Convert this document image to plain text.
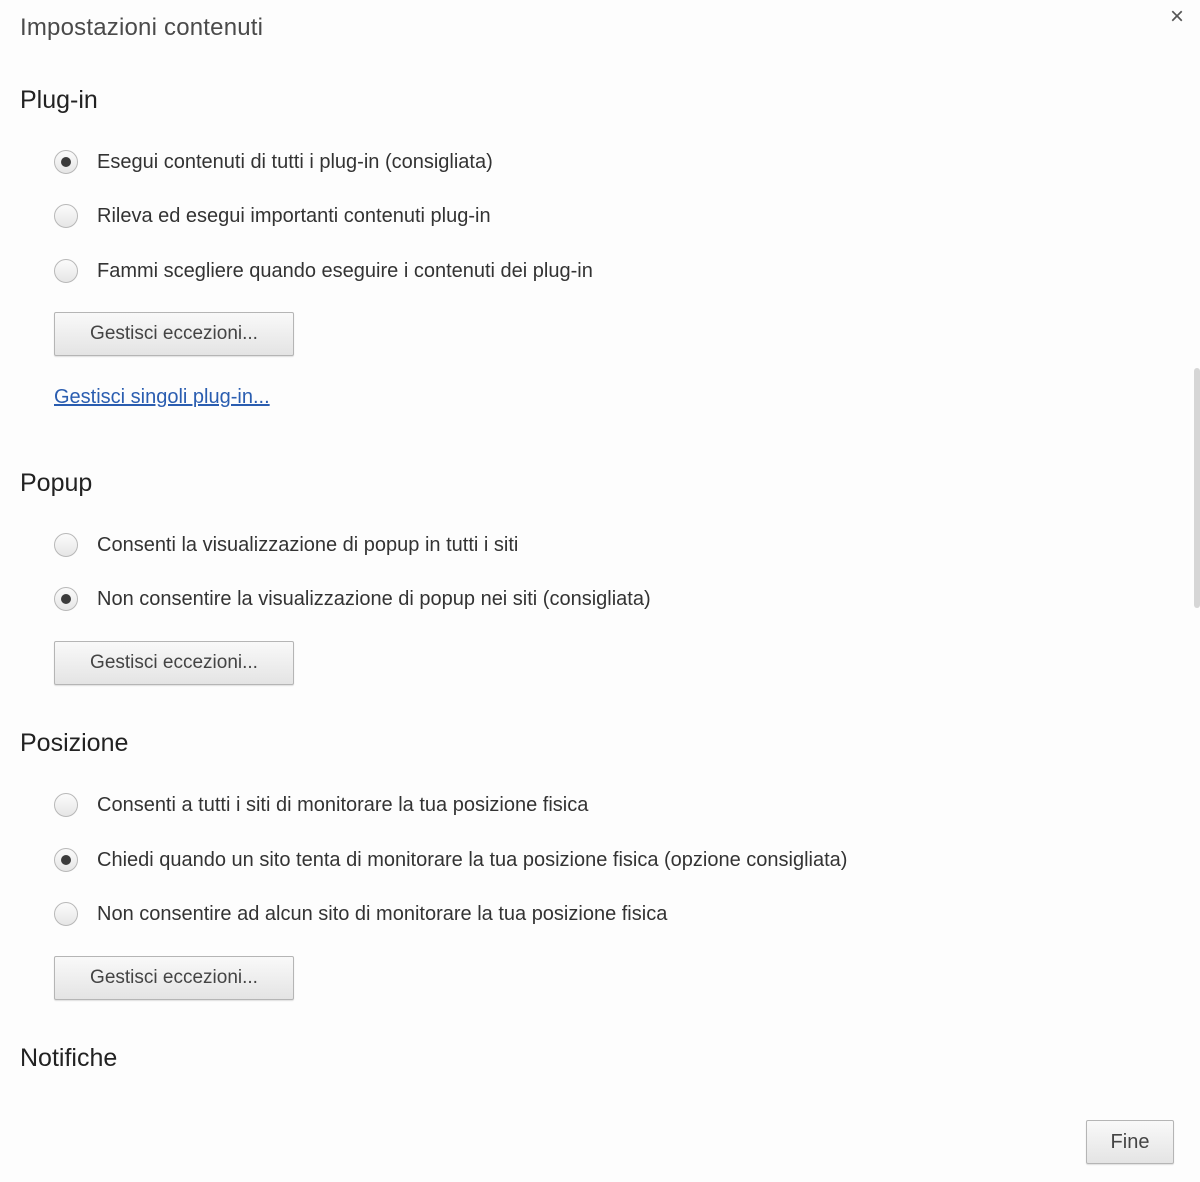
Impostazioni contenuti	×
Plug-in
Esegui contenuti di tutti i plug-in (consigliata)
Rileva ed esegui importanti contenuti plug-in
Fammi scegliere quando eseguire i contenuti dei plug-in
Gestisci eccezioni...
Gestisci singoli plug-in...
Popup
Consenti la visualizzazione di popup in tutti i siti
Non consentire la visualizzazione di popup nei siti (consigliata)
Gestisci eccezioni...
Posizione
Consenti a tutti i siti di monitorare la tua posizione fisica
Chiedi quando un sito tenta di monitorare la tua posizione fisica (opzione consigliata)
Non consentire ad alcun sito di monitorare la tua posizione fisica
Gestisci eccezioni...
Notifiche
Fine
